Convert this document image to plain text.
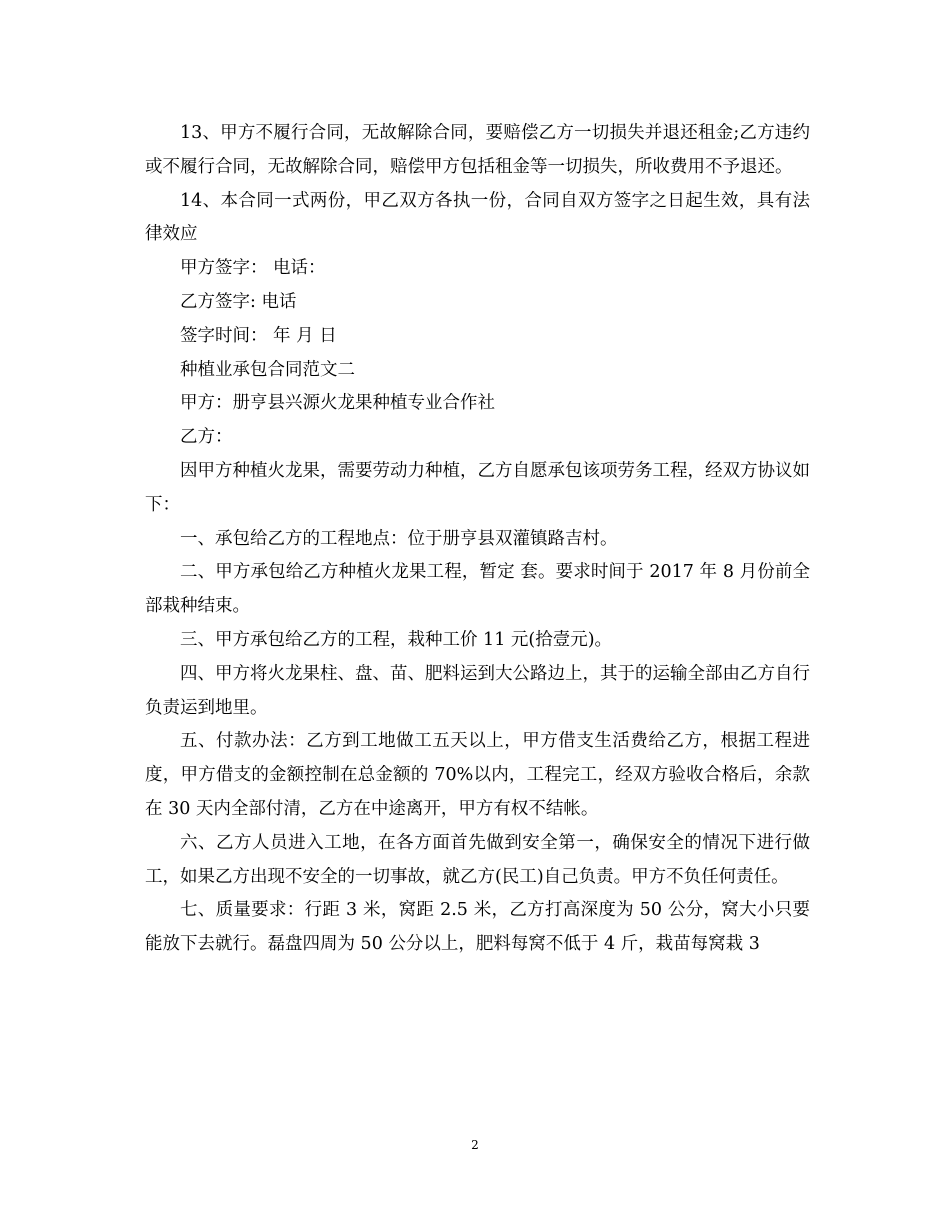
13、甲方不履行合同，无故解除合同，要赔偿乙方一切损失并退还租金;乙方违约或不履行合同，无故解除合同，赔偿甲方包括租金等一切损失，所收费用不予退还。

14、本合同一式两份，甲乙双方各执一份，合同自双方签字之日起生效，具有法律效应

甲方签字： 电话：

乙方签字: 电话

签字时间： 年 月 日

种植业承包合同范文二

甲方：册亨县兴源火龙果种植专业合作社

乙方：

因甲方种植火龙果，需要劳动力种植，乙方自愿承包该项劳务工程，经双方协议如下：

一、承包给乙方的工程地点：位于册亨县双灌镇路吉村。

二、甲方承包给乙方种植火龙果工程，暂定 套。要求时间于 2017 年 8 月份前全部栽种结束。

三、甲方承包给乙方的工程，栽种工价 11 元(拾壹元)。

四、甲方将火龙果柱、盘、苗、肥料运到大公路边上，其于的运输全部由乙方自行负责运到地里。

五、付款办法：乙方到工地做工五天以上，甲方借支生活费给乙方，根据工程进度，甲方借支的金额控制在总金额的 70%以内，工程完工，经双方验收合格后，余款在 30 天内全部付清，乙方在中途离开，甲方有权不结帐。

六、乙方人员进入工地，在各方面首先做到安全第一，确保安全的情况下进行做工，如果乙方出现不安全的一切事故，就乙方(民工)自己负责。甲方不负任何责任。

七、质量要求：行距 3 米，窝距 2.5 米，乙方打高深度为 50 公分，窝大小只要能放下去就行。磊盘四周为 50 公分以上，肥料每窝不低于 4 斤，栽苗每窝栽 3

2
